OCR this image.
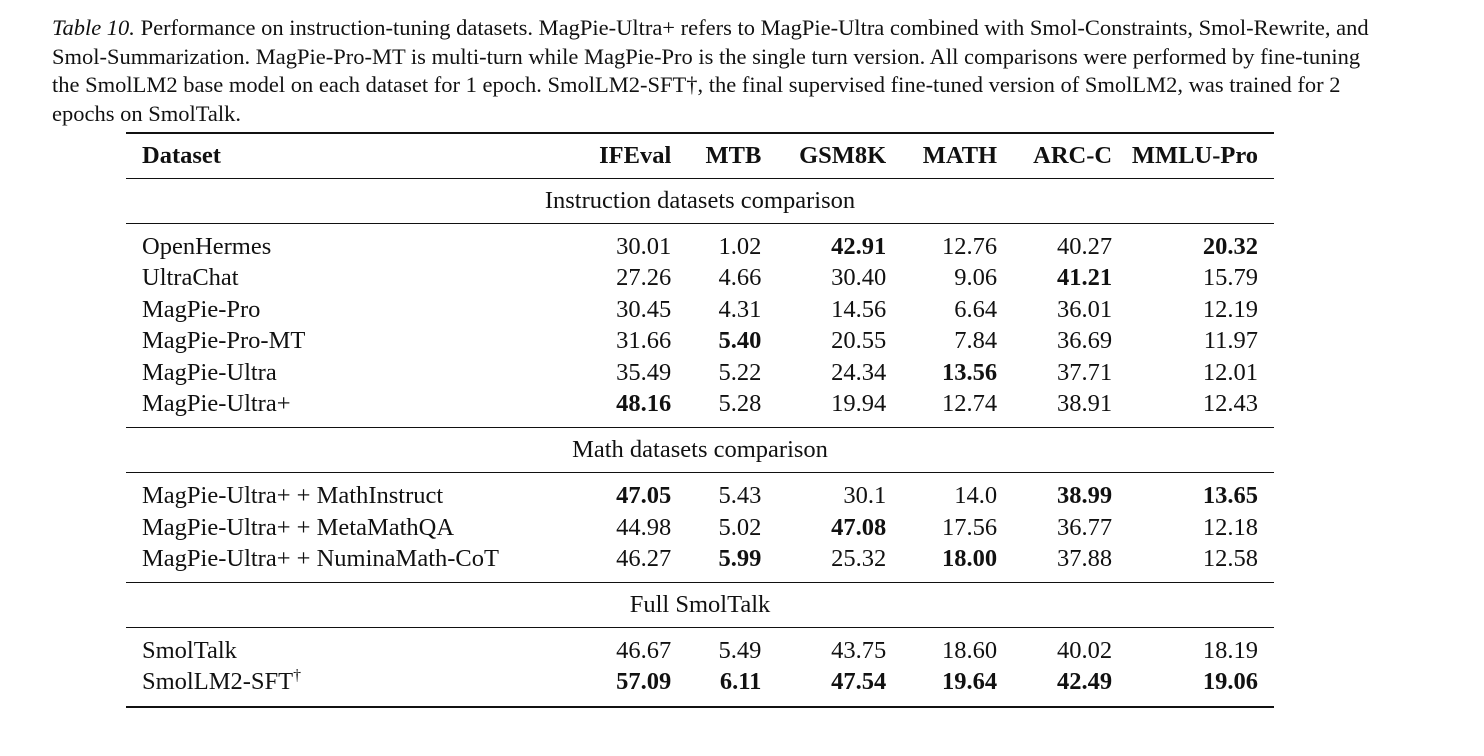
Table 10. Performance on instruction-tuning datasets. MagPie-Ultra+ refers to MagPie-Ultra combined with Smol-Constraints, Smol-Rewrite, and Smol-Summarization. MagPie-Pro-MT is multi-turn while MagPie-Pro is the single turn version. All comparisons were performed by fine-tuning the SmolLM2 base model on each dataset for 1 epoch. SmolLM2-SFT†, the final supervised fine-tuned version of SmolLM2, was trained for 2 epochs on SmolTalk.

Dataset	IFEval	MTB	GSM8K	MATH	ARC-C	MMLU-Pro
Instruction datasets comparison						

OpenHermes	30.01	1.02	42.91	12.76	40.27	20.32
UltraChat	27.26	4.66	30.40	9.06	41.21	15.79
MagPie-Pro	30.45	4.31	14.56	6.64	36.01	12.19
MagPie-Pro-MT	31.66	5.40	20.55	7.84	36.69	11.97
MagPie-Ultra	35.49	5.22	24.34	13.56	37.71	12.01
MagPie-Ultra+	48.16	5.28	19.94	12.74	38.91	12.43

Math datasets comparison						

MagPie-Ultra+ + MathInstruct	47.05	5.43	30.1	14.0	38.99	13.65
MagPie-Ultra+ + MetaMathQA	44.98	5.02	47.08	17.56	36.77	12.18
MagPie-Ultra+ + NuminaMath-CoT	46.27	5.99	25.32	18.00	37.88	12.58

Full SmolTalk						

SmolTalk	46.67	5.49	43.75	18.60	40.02	18.19
SmolLM2-SFT†	57.09	6.11	47.54	19.64	42.49	19.06
